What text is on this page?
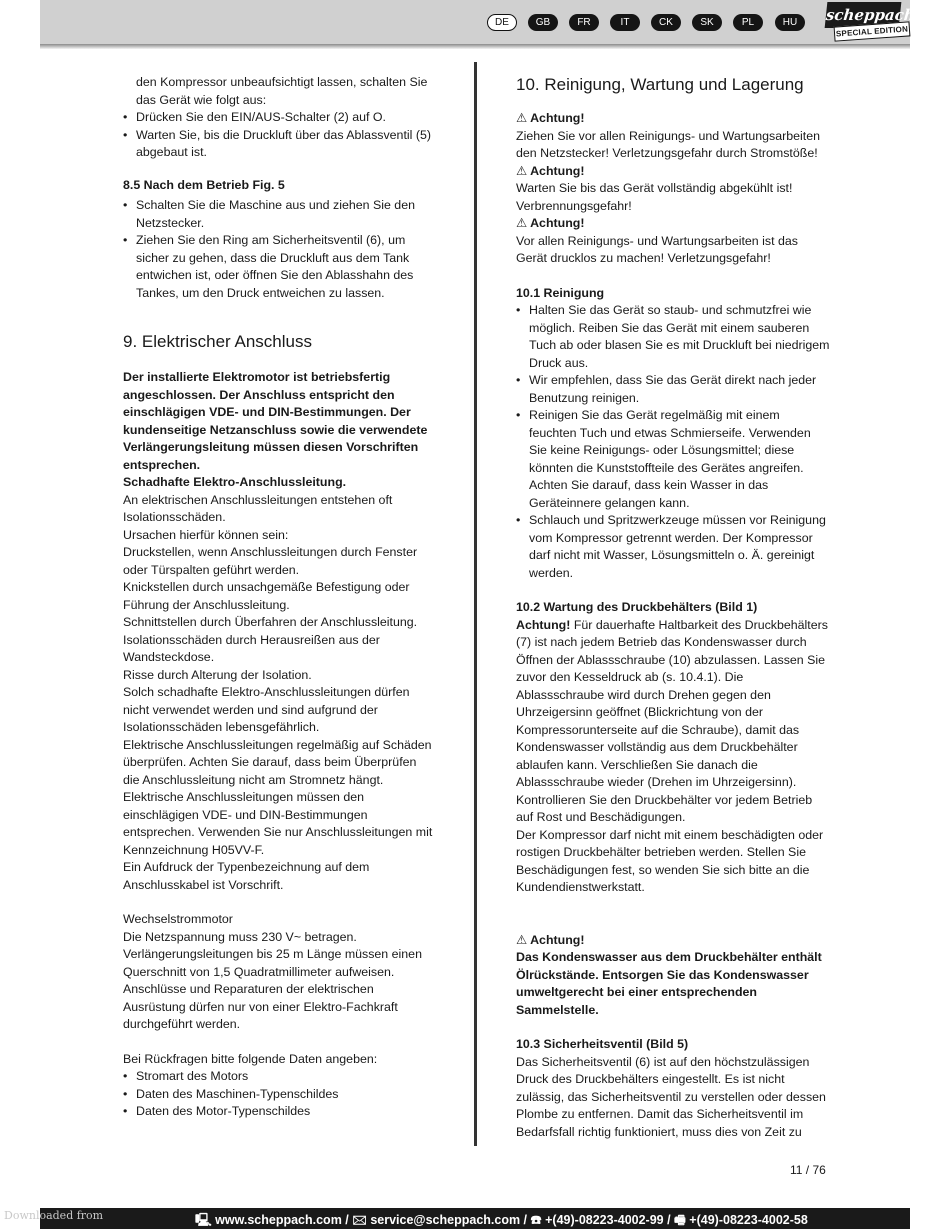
DE	GB	FR	IT	CK	SK	PL	HU	scheppach
SPECIAL EDITION

den Kompressor unbeaufsichtigt lassen, schalten Sie das Gerät wie folgt aus:

• Drücken Sie den EIN/AUS-Schalter (2) auf O.
• Warten Sie, bis die Druckluft über das Ablassventil (5) abgebaut ist.

8.5 Nach dem Betrieb Fig. 5

• Schalten Sie die Maschine aus und ziehen Sie den Netzstecker.
• Ziehen Sie den Ring am Sicherheitsventil (6), um sicher zu gehen, dass die Druckluft aus dem Tank entwichen ist, oder öffnen Sie den Ablasshahn des Tankes, um den Druck entweichen zu lassen.

9. Elektrischer Anschluss

Der installierte Elektromotor ist betriebsfertig angeschlossen. Der Anschluss entspricht den einschlägigen VDE- und DIN-Bestimmungen. Der kundenseitige Netzanschluss sowie die verwendete Verlängerungsleitung müssen diesen Vorschriften entsprechen.

Schadhafte Elektro-Anschlussleitung.

An elektrischen Anschlussleitungen entstehen oft Isolationsschäden.

Ursachen hierfür können sein:

Druckstellen, wenn Anschlussleitungen durch Fenster oder Türspalten geführt werden.

Knickstellen durch unsachgemäße Befestigung oder Führung der Anschlussleitung.

Schnittstellen durch Überfahren der Anschlussleitung.

Isolationsschäden durch Herausreißen aus der Wandsteckdose.

Risse durch Alterung der Isolation.

Solch schadhafte Elektro-Anschlussleitungen dürfen nicht verwendet werden und sind aufgrund der Isolationsschäden lebensgefährlich.

Elektrische Anschlussleitungen regelmäßig auf Schäden überprüfen. Achten Sie darauf, dass beim Überprüfen die Anschlussleitung nicht am Stromnetz hängt.

Elektrische Anschlussleitungen müssen den einschlägigen VDE- und DIN-Bestimmungen entsprechen. Verwenden Sie nur Anschlussleitungen mit Kennzeichnung H05VV-F.

Ein Aufdruck der Typenbezeichnung auf dem Anschlusskabel ist Vorschrift.

Wechselstrommotor

Die Netzspannung muss 230 V~ betragen.

Verlängerungsleitungen bis 25 m Länge müssen einen Querschnitt von 1,5 Quadratmillimeter aufweisen.

Anschlüsse und Reparaturen der elektrischen Ausrüstung dürfen nur von einer Elektro-Fachkraft durchgeführt werden.

Bei Rückfragen bitte folgende Daten angeben:

• Stromart des Motors
• Daten des Maschinen-Typenschildes
• Daten des Motor-Typenschildes

10. Reinigung, Wartung und Lagerung

⚠ Achtung!

Ziehen Sie vor allen Reinigungs- und Wartungsarbeiten den Netzstecker! Verletzungsgefahr durch Stromstöße!

⚠ Achtung!

Warten Sie bis das Gerät vollständig abgekühlt ist! Verbrennungsgefahr!

⚠ Achtung!

Vor allen Reinigungs- und Wartungsarbeiten ist das Gerät drucklos zu machen! Verletzungsgefahr!

10.1 Reinigung

• Halten Sie das Gerät so staub- und schmutzfrei wie möglich. Reiben Sie das Gerät mit einem sauberen Tuch ab oder blasen Sie es mit Druckluft bei niedrigem Druck aus.
• Wir empfehlen, dass Sie das Gerät direkt nach jeder Benutzung reinigen.
• Reinigen Sie das Gerät regelmäßig mit einem feuchten Tuch und etwas Schmierseife. Verwenden Sie keine Reinigungs- oder Lösungsmittel; diese könnten die Kunststoffteile des Gerätes angreifen. Achten Sie darauf, dass kein Wasser in das Geräteinnere gelangen kann.
• Schlauch und Spritzwerkzeuge müssen vor Reinigung vom Kompressor getrennt werden. Der Kompressor darf nicht mit Wasser, Lösungsmitteln o. Ä. gereinigt werden.

10.2 Wartung des Druckbehälters (Bild 1)

Achtung! Für dauerhafte Haltbarkeit des Druckbehälters (7) ist nach jedem Betrieb das Kondenswasser durch Öffnen der Ablassschraube (10) abzulassen. Lassen Sie zuvor den Kesseldruck ab (s. 10.4.1). Die Ablassschraube wird durch Drehen gegen den Uhrzeigersinn geöffnet (Blickrichtung von der Kompressorunterseite auf die Schraube), damit das Kondenswasser vollständig aus dem Druckbehälter ablaufen kann. Verschließen Sie danach die Ablassschraube wieder (Drehen im Uhrzeigersinn). Kontrollieren Sie den Druckbehälter vor jedem Betrieb auf Rost und Beschädigungen.

Der Kompressor darf nicht mit einem beschädigten oder rostigen Druckbehälter betrieben werden. Stellen Sie Beschädigungen fest, so wenden Sie sich bitte an die Kundendienstwerkstatt.

⚠ Achtung!

Das Kondenswasser aus dem Druckbehälter enthält Ölrückstände. Entsorgen Sie das Kondenswasser umweltgerecht bei einer entsprechenden Sammelstelle.

10.3 Sicherheitsventil (Bild 5)

Das Sicherheitsventil (6) ist auf den höchstzulässigen Druck des Druckbehälters eingestellt. Es ist nicht zulässig, das Sicherheitsventil zu verstellen oder dessen Plombe zu entfernen. Damit das Sicherheitsventil im Bedarfsfall richtig funktioniert, muss dies von Zeit zu

11 / 76
🖳 www.scheppach.com / 🖂 service@scheppach.com / ☎ +(49)-08223-4002-99 / 🖷 +(49)-08223-4002-58
Downloaded from
